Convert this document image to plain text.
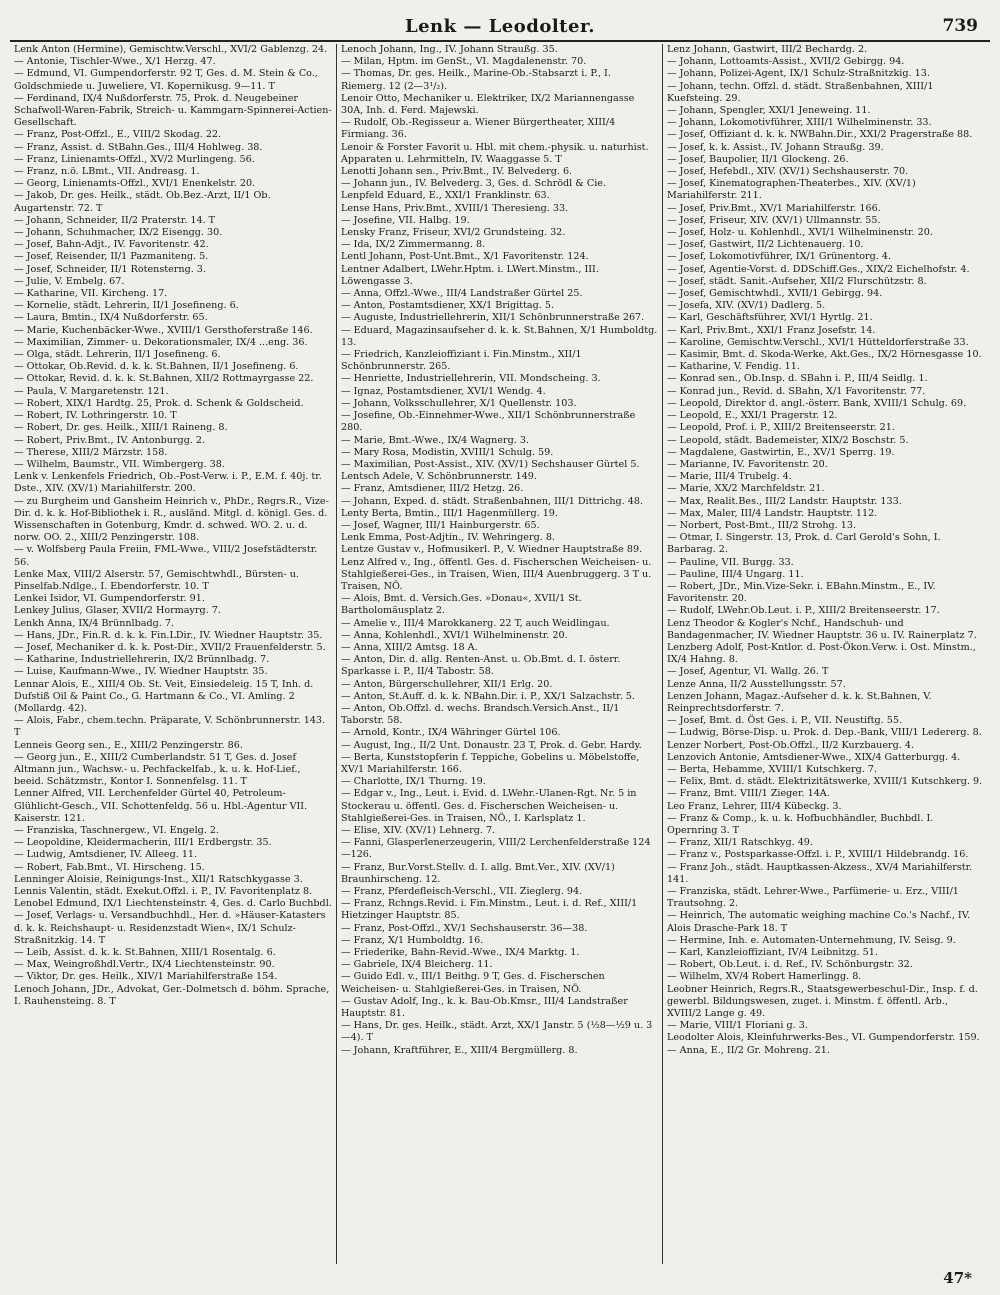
Lenk — Leodolter.	739

Lenk Anton (Hermine), Gemischtw.Verschl., XVI/2 Gablenzg. 24.

— Antonie, Tischler-Wwe., X/1 Herzg. 47.

— Edmund, VI. Gumpendorferstr. 92 T, Ges. d. M. Stein & Co., Goldschmiede u. Juweliere, VI. Kopernikusg. 9—11. T

— Ferdinand, IX/4 Nußdorferstr. 75, Prok. d. Neugebeiner Schafwoll-Waren-Fabrik, Streich- u. Kammgarn-Spinnerei-Actien-Gesellschaft.

— Franz, Post-Offzl., E., VIII/2 Skodag. 22.

— Franz, Assist. d. StBahn.Ges., III/4 Hohlweg. 38.

— Franz, Linienamts-Offzl., XV/2 Murlingeng. 56.

— Franz, n.ö. LBmt., VII. Andreasg. 1.

— Georg, Linienamts-Offzl., XVI/1 Enenkelstr. 20.

— Jakob, Dr. ges. Heilk., städt. Ob.Bez.-Arzt, II/1 Ob. Augartenstr. 72. T

— Johann, Schneider, II/2 Praterstr. 14. T

— Johann, Schuhmacher, IX/2 Eisengg. 30.

— Josef, Bahn-Adjt., IV. Favoritenstr. 42.

— Josef, Reisender, II/1 Pazmaniteng. 5.

— Josef, Schneider, II/1 Rotensterng. 3.

— Julie, V. Embelg. 67.

— Katharine, VII. Kircheng. 17.

— Kornelie, städt. Lehrerin, II/1 Josefineng. 6.

— Laura, Bmtin., IX/4 Nußdorferstr. 65.

— Marie, Kuchenbäcker-Wwe., XVIII/1 Gersthoferstraße 146.

— Maximilian, Zimmer- u. Dekorationsmaler, IX/4 ...eng. 36.

— Olga, städt. Lehrerin, II/1 Josefineng. 6.

— Ottokar, Ob.Revid. d. k. k. St.Bahnen, II/1 Josefineng. 6.

— Ottokar, Revid. d. k. k. St.Bahnen, XII/2 Rottmayrgasse 22.

— Paula, V. Margaretenstr. 121.

— Robert, XIX/1 Hardtg. 25, Prok. d. Schenk & Goldscheid.

— Robert, IV. Lothringerstr. 10. T

— Robert, Dr. ges. Heilk., XIII/1 Raineng. 8.

— Robert, Priv.Bmt., IV. Antonburgg. 2.

— Therese, XIII/2 Märzstr. 158.

— Wilhelm, Baumstr., VII. Wimbergerg. 38.

Lenk v. Lenkenfels Friedrich, Ob.-Post-Verw. i. P., E.M. f. 40j. tr. Dste., XIV. (XV/1) Mariahilferstr. 200.

— zu Burgheim und Gansheim Heinrich v., PhDr., Regrs.R., Vize-Dir. d. k. k. Hof-Bibliothek i. R., ausländ. Mitgl. d. königl. Ges. d. Wissenschaften in Gotenburg, Kmdr. d. schwed. WO. 2. u. d. norw. OO. 2., XIII/2 Penzingerstr. 108.

— v. Wolfsberg Paula Freiin, FML-Wwe., VIII/2 Josefstädterstr. 56.

Lenke Max, VIII/2 Alserstr. 57, Gemischtwhdl., Bürsten- u. Pinselfab.Ndlge., I. Ebendorferstr. 10. T

Lenkei Isidor, VI. Gumpendorferstr. 91.

Lenkey Julius, Glaser, XVII/2 Hormayrg. 7.

Lenkh Anna, IX/4 Brünnlbadg. 7.

— Hans, JDr., Fin.R. d. k. k. Fin.LDir., IV. Wiedner Hauptstr. 35.

— Josef, Mechaniker d. k. k. Post-Dir., XVII/2 Frauenfelderstr. 5.

— Katharine, Industriellehrerin, IX/2 Brünnlbadg. 7.

— Luise, Kaufmann-Wwe., IV. Wiedner Hauptstr. 35.

Lennar Alois, E., XIII/4 Ob. St. Veit, Einsiedeleig. 15 T, Inh. d. Dufstiß Oil & Paint Co., G. Hartmann & Co., VI. Amling. 2 (Mollardg. 42).

— Alois, Fabr., chem.techn. Präparate, V. Schönbrunnerstr. 143. T

Lenneis Georg sen., E., XIII/2 Penzingerstr. 86.

— Georg jun., E., XIII/2 Cumberlandstr. 51 T, Ges. d. Josef Altmann jun., Wachsw.- u. Pechfackelfab., k. u. k. Hof-Lief., beeid. Schätzmstr., Kontor I. Sonnenfelsg. 11. T

Lenner Alfred, VII. Lerchenfelder Gürtel 40, Petroleum-Glühlicht-Gesch., VII. Schottenfeldg. 56 u. Hbl.-Agentur VII. Kaiserstr. 121.

— Franziska, Taschnergew., VI. Engelg. 2.

— Leopoldine, Kleidermacherin, III/1 Erdbergstr. 35.

— Ludwig, Amtsdiener, IV. Alleeg. 11.

— Robert, Fab.Bmt., VI. Hirscheng. 15.

Lenninger Aloisie, Reinigungs-Inst., XII/1 Ratschkygasse 3.

Lennis Valentin, städt. Exekut.Offzl. i. P., IV. Favoritenplatz 8.

Lenobel Edmund, IX/1 Liechtensteinstr. 4, Ges. d. Carlo Buchbdl.

— Josef, Verlags- u. Versandbuchhdl., Her. d. »Häuser-Katasters d. k. k. Reichshaupt- u. Residenzstadt Wien«, IX/1 Schulz-Straßnitzkig. 14. T

— Leib, Assist. d. k. k. St.Bahnen, XIII/1 Rosentalg. 6.

— Max, Weingroßhdl.Vertr., IX/4 Liechtensteinstr. 90.

— Viktor, Dr. ges. Heilk., XIV/1 Mariahilferstraße 154.

Lenoch Johann, JDr., Advokat, Ger.-Dolmetsch d. böhm. Sprache, I. Rauhensteing. 8. T

Lenoch Johann, Ing., IV. Johann Straußg. 35.

— Milan, Hptm. im GenSt., VI. Magdalenenstr. 70.

— Thomas, Dr. ges. Heilk., Marine-Ob.-Stabsarzt i. P., I. Riemerg. 12 (2—3¹/₂).

Lenoir Otto, Mechaniker u. Elektriker, IX/2 Mariannengasse 30A, Inh. d. Ferd. Majewski.

— Rudolf, Ob.-Regisseur a. Wiener Bürgertheater, XIII/4 Firmiang. 36.

Lenoir & Forster Favorit u. Hbl. mit chem.-physik. u. naturhist. Apparaten u. Lehrmitteln, IV. Waaggasse 5. T

Lenotti Johann sen., Priv.Bmt., IV. Belvederg. 6.

— Johann jun., IV. Belvederg. 3, Ges. d. Schrödl & Cie.

Lenpfeld Eduard, E., XXI/1 Franklinstr. 63.

Lense Hans, Priv.Bmt., XVIII/1 Theresieng. 33.

— Josefine, VII. Halbg. 19.

Lensky Franz, Friseur, XVI/2 Grundsteing. 32.

— Ida, IX/2 Zimmermanng. 8.

Lentl Johann, Post-Unt.Bmt., X/1 Favoritenstr. 124.

Lentner Adalbert, LWehr.Hptm. i. LWert.Minstm., III. Löwengasse 3.

— Anna, Offzl.-Wwe., III/4 Landstraßer Gürtel 25.

— Anton, Postamtsdiener, XX/1 Brigittag. 5.

— Auguste, Industriellehrerin, XII/1 Schönbrunnerstraße 267.

— Eduard, Magazinsaufseher d. k. k. St.Bahnen, X/1 Humboldtg. 13.

— Friedrich, Kanzleioffiziant i. Fin.Minstm., XII/1 Schönbrunnerstr. 265.

— Henriette, Industriellehrerin, VII. Mondscheing. 3.

— Ignaz, Postamtsdiener, XVI/1 Wendg. 4.

— Johann, Volksschullehrer, X/1 Quellenstr. 103.

— Josefine, Ob.-Einnehmer-Wwe., XII/1 Schönbrunnerstraße 280.

— Marie, Bmt.-Wwe., IX/4 Wagnerg. 3.

— Mary Rosa, Modistin, XVIII/1 Schulg. 59.

— Maximilian, Post-Assist., XIV. (XV/1) Sechshauser Gürtel 5.

Lentsch Adele, V. Schönbrunnerstr. 149.

— Franz, Amtsdiener, III/2 Hetzg. 26.

— Johann, Exped. d. städt. Straßenbahnen, III/1 Dittrichg. 48.

Lenty Berta, Bmtin., III/1 Hagenmüllerg. 19.

— Josef, Wagner, III/1 Hainburgerstr. 65.

Lenk Emma, Post-Adjtin., IV. Wehringerg. 8.

Lentze Gustav v., Hofmusikerl. P., V. Wiedner Hauptstraße 89.

Lenz Alfred v., Ing., öffentl. Ges. d. Fischerschen Weicheisen- u. Stahlgießerei-Ges., in Traisen, Wien, III/4 Auenbruggerg. 3 T u. Traisen, NÖ.

— Alois, Bmt. d. Versich.Ges. »Donau«, XVII/1 St. Bartholomäusplatz 2.

— Amelie v., III/4 Marokkanerg. 22 T, auch Weidlingau.

— Anna, Kohlenhdl., XVI/1 Wilhelminenstr. 20.

— Anna, XIII/2 Amtsg. 18 A.

— Anton, Dir. d. allg. Renten-Anst. u. Ob.Bmt. d. I. österr. Sparkasse i. P., II/4 Tabostr. 58.

— Anton, Bürgerschullehrer, XII/1 Erlg. 20.

— Anton, St.Auff. d. k. k. NBahn.Dir. i. P., XX/1 Salzachstr. 5.

— Anton, Ob.Offzl. d. wechs. Brandsch.Versich.Anst., II/1 Taborstr. 58.

— Arnold, Kontr., IX/4 Währinger Gürtel 106.

— August, Ing., II/2 Unt. Donaustr. 23 T, Prok. d. Gebr. Hardy.

— Berta, Kunststopferin f. Teppiche, Gobelins u. Möbelstoffe, XV/1 Mariahilferstr. 166.

— Charlotte, IX/1 Thurng. 19.

— Edgar v., Ing., Leut. i. Evid. d. LWehr.-Ulanen-Rgt. Nr. 5 in Stockerau u. öffentl. Ges. d. Fischerschen Weicheisen- u. Stahlgießerei-Ges. in Traisen, NÖ., I. Karlsplatz 1.

— Elise, XIV. (XV/1) Lehnerg. 7.

— Fanni, Glasperlenerzeugerin, VIII/2 Lerchenfelderstraße 124—126.

— Franz, Bur.Vorst.Stellv. d. I. allg. Bmt.Ver., XIV. (XV/1) Braunhirscheng. 12.

— Franz, Pferdefleisch-Verschl., VII. Zieglerg. 94.

— Franz, Rchngs.Revid. i. Fin.Minstm., Leut. i. d. Ref., XIII/1 Hietzinger Hauptstr. 85.

— Franz, Post-Offzl., XV/1 Sechshauserstr. 36—38.

— Franz, X/1 Humboldtg. 16.

— Friederike, Bahn-Revid.-Wwe., IX/4 Marktg. 1.

— Gabriele, IX/4 Bleicherg. 11.

— Guido Edl. v., III/1 Beithg. 9 T, Ges. d. Fischerschen Weicheisen- u. Stahlgießerei-Ges. in Traisen, NÖ.

— Gustav Adolf, Ing., k. k. Bau-Ob.Kmsr., III/4 Landstraßer Hauptstr. 81.

— Hans, Dr. ges. Heilk., städt. Arzt, XX/1 Janstr. 5 (½8—½9 u. 3—4). T

— Johann, Kraftführer, E., XIII/4 Bergmüllerg. 8.

Lenz Johann, Gastwirt, III/2 Bechardg. 2.

— Johann, Lottoamts-Assist., XVII/2 Gebirgg. 94.

— Johann, Polizei-Agent, IX/1 Schulz-Straßnitzkig. 13.

— Johann, techn. Offzl. d. städt. Straßenbahnen, XIII/1 Kuefsteing. 29.

— Johann, Spengler, XXI/1 Jeneweing. 11.

— Johann, Lokomotivführer, XIII/1 Wilhelminenstr. 33.

— Josef, Offiziant d. k. k. NWBahn.Dir., XXI/2 Pragerstraße 88.

— Josef, k. k. Assist., IV. Johann Straußg. 39.

— Josef, Baupolier, II/1 Glockeng. 26.

— Josef, Hefebdl., XIV. (XV/1) Sechshauserstr. 70.

— Josef, Kinematographen-Theaterbes., XIV. (XV/1) Mariahilferstr. 211.

— Josef, Priv.Bmt., XV/1 Mariahilferstr. 166.

— Josef, Friseur, XIV. (XV/1) Ullmannstr. 55.

— Josef, Holz- u. Kohlenhdl., XVI/1 Wilhelminenstr. 20.

— Josef, Gastwirt, II/2 Lichtenauerg. 10.

— Josef, Lokomotivführer, IX/1 Grünentorg. 4.

— Josef, Agentie-Vorst. d. DDSchiff.Ges., XIX/2 Eichelhofstr. 4.

— Josef, städt. Sanit.-Aufseher, XII/2 Flurschützstr. 8.

— Josef, Gemischtwhdl., XVII/1 Gebirgg. 94.

— Josefa, XIV. (XV/1) Dadlerg. 5.

— Karl, Geschäftsführer, XVI/1 Hyrtlg. 21.

— Karl, Priv.Bmt., XXI/1 Franz Josefstr. 14.

— Karoline, Gemischtw.Verschl., XVI/1 Hütteldorferstraße 33.

— Kasimir, Bmt. d. Skoda-Werke, Akt.Ges., IX/2 Hörnesgasse 10.

— Katharine, V. Fendig. 11.

— Konrad sen., Ob.Insp. d. SBahn i. P., III/4 Seidlg. 1.

— Konrad jun., Revid. d. SBahn, X/1 Favoritenstr. 77.

— Leopold, Direktor d. angl.-österr. Bank, XVIII/1 Schulg. 69.

— Leopold, E., XXI/1 Pragerstr. 12.

— Leopold, Prof. i. P., XIII/2 Breitenseerstr. 21.

— Leopold, städt. Bademeister, XIX/2 Boschstr. 5.

— Magdalene, Gastwirtin, E., XV/1 Sperrg. 19.

— Marianne, IV. Favoritenstr. 20.

— Marie, III/4 Trubelg. 4.

— Marie, XX/2 Marchfeldstr. 21.

— Max, Realit.Bes., III/2 Landstr. Hauptstr. 133.

— Max, Maler, III/4 Landstr. Hauptstr. 112.

— Norbert, Post-Bmt., III/2 Strohg. 13.

— Otmar, I. Singerstr. 13, Prok. d. Carl Gerold's Sohn, I. Barbarag. 2.

— Pauline, VII. Burgg. 33.

— Pauline, III/4 Ungarg. 11.

— Robert, JDr., Min.Vize-Sekr. i. EBahn.Minstm., E., IV. Favoritenstr. 20.

— Rudolf, LWehr.Ob.Leut. i. P., XIII/2 Breitenseerstr. 17.

Lenz Theodor & Kogler's Nchf., Handschuh- und Bandagenmacher, IV. Wiedner Hauptstr. 36 u. IV. Rainerplatz 7.

Lenzberg Adolf, Post-Kntlor. d. Post-Ökon.Verw. i. Ost. Minstm., IX/4 Hahng. 8.

— Josef, Agentur, VI. Wallg. 26. T

Lenze Anna, II/2 Ausstellungsstr. 57.

Lenzen Johann, Magaz.-Aufseher d. k. k. St.Bahnen, V. Reinprechtsdorferstr. 7.

— Josef, Bmt. d. Öst Ges. i. P., VII. Neustiftg. 55.

— Ludwig, Börse-Disp. u. Prok. d. Dep.-Bank, VIII/1 Ledererg. 8.

Lenzer Norbert, Post-Ob.Offzl., II/2 Kurzbauerg. 4.

Lenzovich Antonie, Amtsdiener-Wwe., XIX/4 Gatterburgg. 4.

— Berta, Hebamme, XVIII/1 Kutschkerg. 7.

— Felix, Bmt. d. städt. Elektrizitätswerke, XVIII/1 Kutschkerg. 9.

— Franz, Bmt. VIII/1 Zieger. 14A.

Leo Franz, Lehrer, III/4 Kübeckg. 3.

— Franz & Comp., k. u. k. Hofbuchhändler, Buchbdl. I. Opernring 3. T

— Franz, XII/1 Ratschkyg. 49.

— Franz v., Postsparkasse-Offzl. i. P., XVIII/1 Hildebrandg. 16.

— Franz Joh., städt. Hauptkassen-Akzess., XV/4 Mariahilferstr. 141.

— Franziska, städt. Lehrer-Wwe., Parfümerie- u. Erz., VIII/1 Trautsohng. 2.

— Heinrich, The automatic weighing machine Co.'s Nachf., IV. Alois Drasche-Park 18. T

— Hermine, Inh. e. Automaten-Unternehmung, IV. Seisg. 9.

— Karl, Kanzleioffiziant, IV/4 Leibnitzg. 51.

— Robert, Ob.Leut. i. d. Ref., IV. Schönburgstr. 32.

— Wilhelm, XV/4 Robert Hamerlingg. 8.

Leobner Heinrich, Regrs.R., Staatsgewerbeschul-Dir., Insp. f. d. gewerbl. Bildungswesen, zuget. i. Minstm. f. öffentl. Arb., XVIII/2 Lange g. 49.

— Marie, VIII/1 Floriani g. 3.

Leodolter Alois, Kleinfuhrwerks-Bes., VI. Gumpendorferstr. 159.

— Anna, E., II/2 Gr. Mohreng. 21.

47*
